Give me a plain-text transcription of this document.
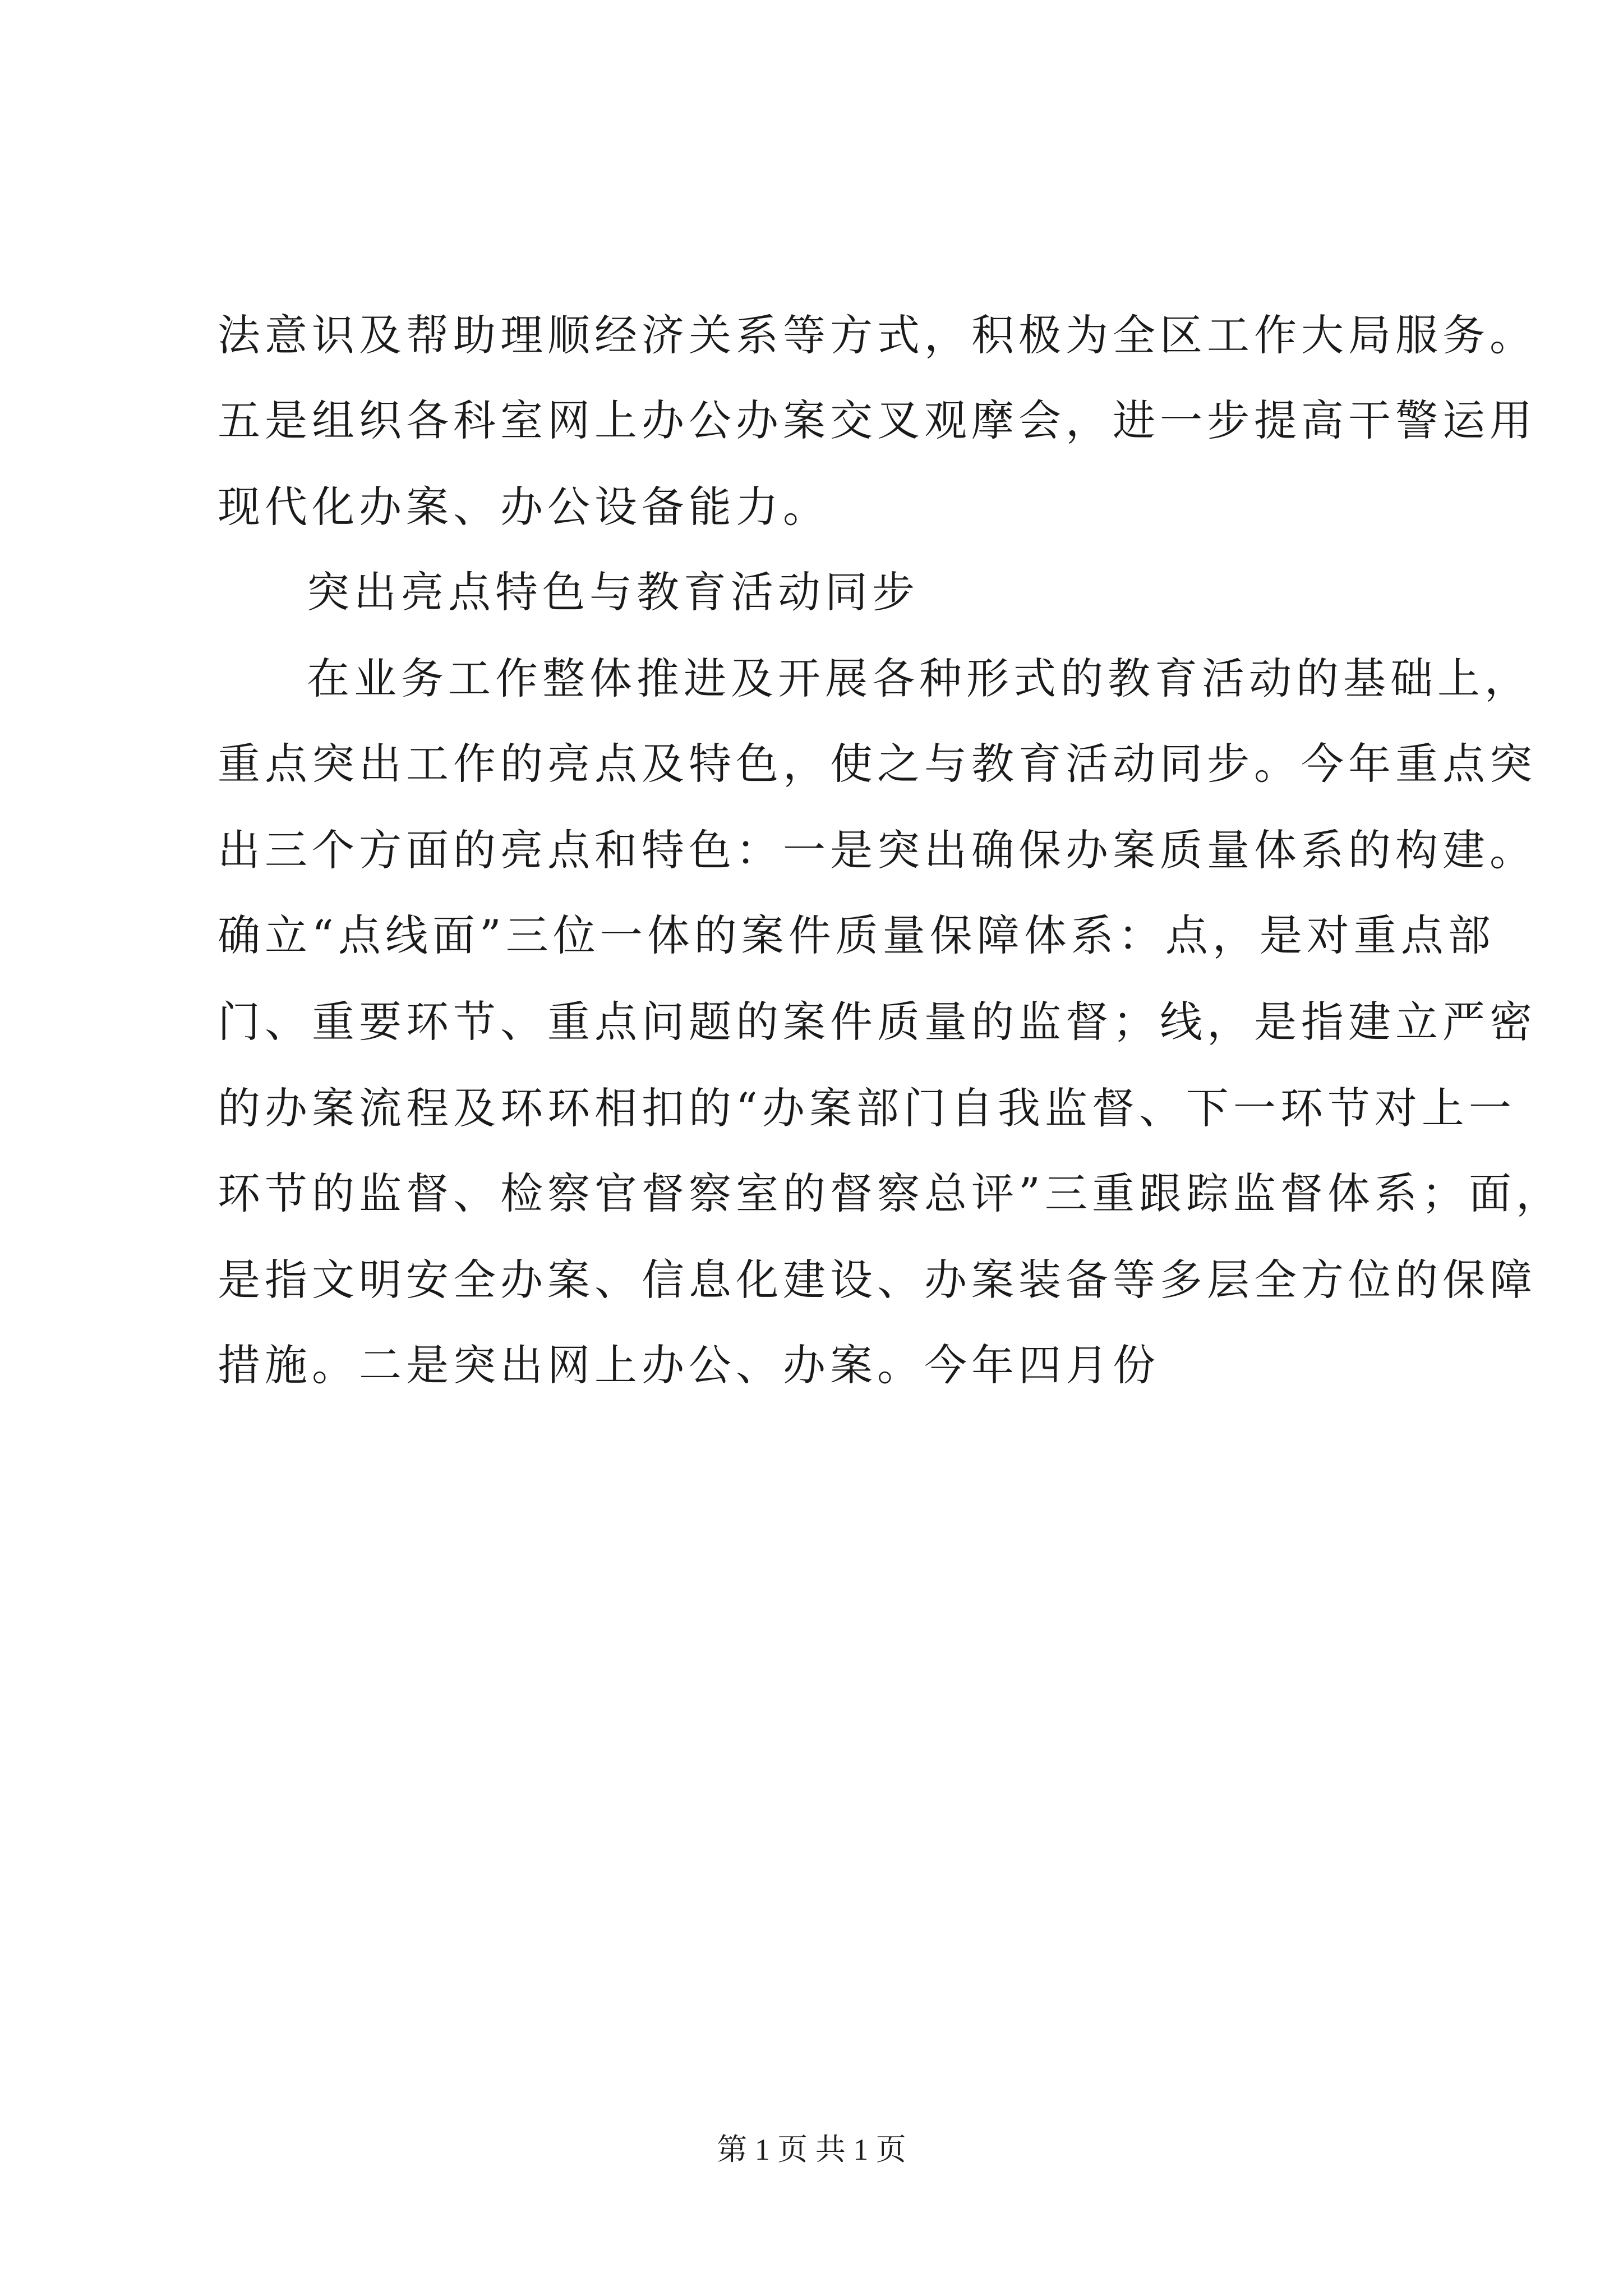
法意识及帮助理顺经济关系等方式，积极为全区工作大局服务。
五是组织各科室网上办公办案交叉观摩会，进一步提高干警运用
现代化办案、办公设备能力。
突出亮点特色与教育活动同步
在业务工作整体推进及开展各种形式的教育活动的基础上，
重点突出工作的亮点及特色，使之与教育活动同步。今年重点突
出三个方面的亮点和特色：一是突出确保办案质量体系的构建。
确立“点线面”三位一体的案件质量保障体系：点，是对重点部
门、重要环节、重点问题的案件质量的监督；线，是指建立严密
的办案流程及环环相扣的“办案部门自我监督、下一环节对上一
环节的监督、检察官督察室的督察总评”三重跟踪监督体系；面，
是指文明安全办案、信息化建设、办案装备等多层全方位的保障
措施。二是突出网上办公、办案。今年四月份
第 1 页 共 1 页
